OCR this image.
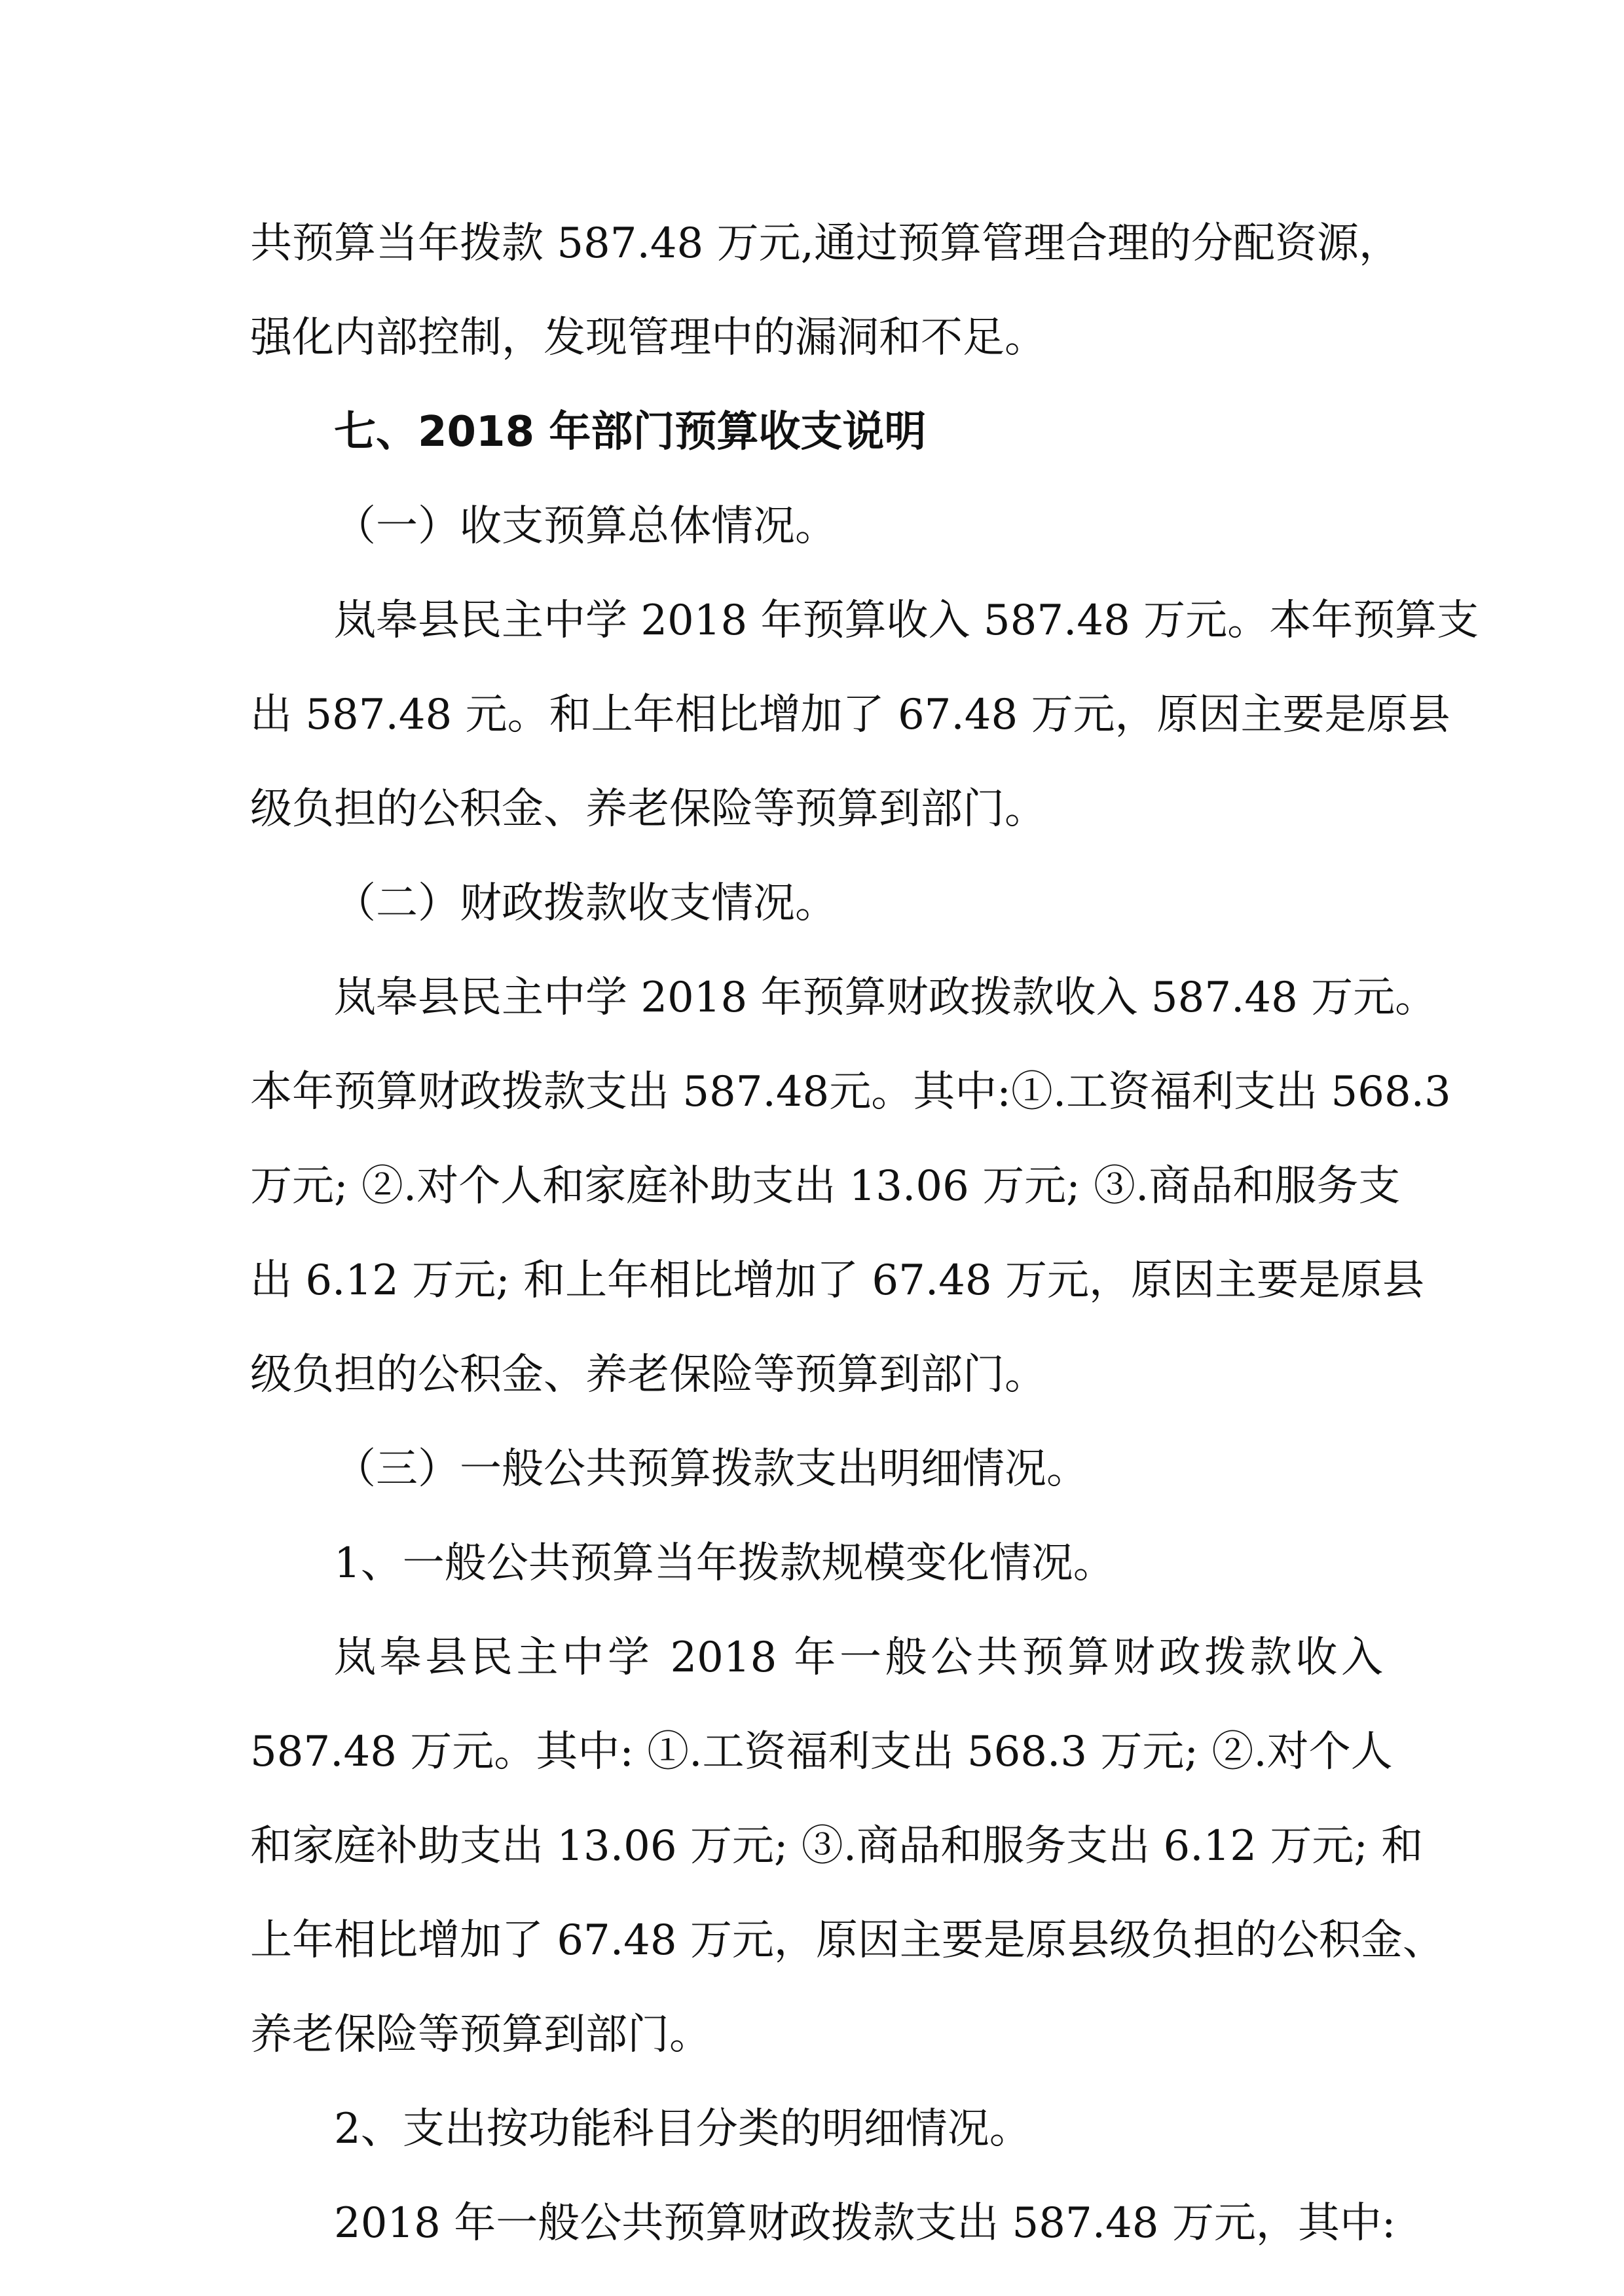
共预算当年拨款 587.48 万元,通过预算管理合理的分配资源，
强化内部控制，发现管理中的漏洞和不足。
七、2018 年部门预算收支说明
（一）收支预算总体情况。
岚皋县民主中学 2018 年预算收入 587.48 万元。本年预算支
出 587.48 元。和上年相比增加了 67.48 万元，原因主要是原县
级负担的公积金、养老保险等预算到部门。
（二）财政拨款收支情况。
岚皋县民主中学 2018 年预算财政拨款收入 587.48 万元。
本年预算财政拨款支出 587.48元。其中:①.工资福利支出 568.3
万元; ②.对个人和家庭补助支出 13.06 万元; ③.商品和服务支
出 6.12 万元; 和上年相比增加了 67.48 万元，原因主要是原县
级负担的公积金、养老保险等预算到部门。
（三）一般公共预算拨款支出明细情况。
1、一般公共预算当年拨款规模变化情况。
岚皋县民主中学 2018 年一般公共预算财政拨款收入
587.48 万元。其中: ①.工资福利支出 568.3 万元; ②.对个人
和家庭补助支出 13.06 万元; ③.商品和服务支出 6.12 万元; 和
上年相比增加了 67.48 万元，原因主要是原县级负担的公积金、
养老保险等预算到部门。
2、支出按功能科目分类的明细情况。
2018 年一般公共预算财政拨款支出 587.48 万元，其中:
